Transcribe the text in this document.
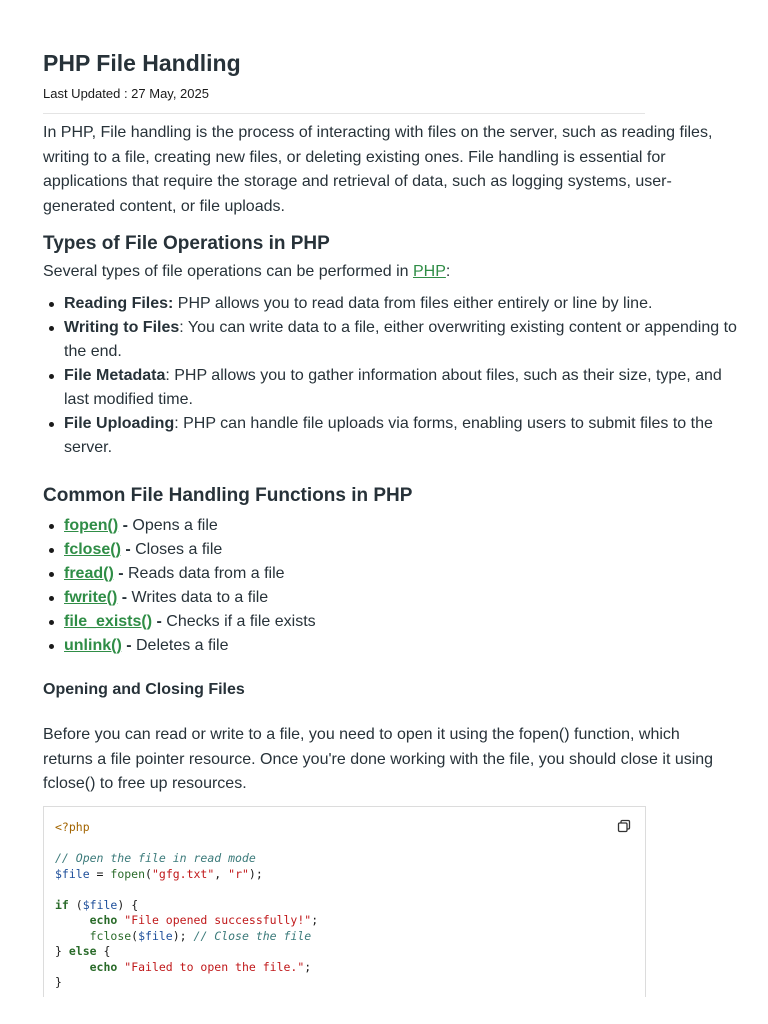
PHP File Handling
Last Updated : 27 May, 2025

In PHP, File handling is the process of interacting with files on the server, such as reading files, writing to a file, creating new files, or deleting existing ones. File handling is essential for applications that require the storage and retrieval of data, such as logging systems, user-generated content, or file uploads.

Types of File Operations in PHP

Several types of file operations can be performed in PHP:

Reading Files: PHP allows you to read data from files either entirely or line by line.
Writing to Files: You can write data to a file, either overwriting existing content or appending to the end.
File Metadata: PHP allows you to gather information about files, such as their size, type, and last modified time.
File Uploading: PHP can handle file uploads via forms, enabling users to submit files to the server.
Common File Handling Functions in PHP
fopen() - Opens a file
fclose() - Closes a file
fread() - Reads data from a file
fwrite() - Writes data to a file
file_exists() - Checks if a file exists
unlink() - Deletes a file
Opening and Closing Files

Before you can read or write to a file, you need to open it using the fopen() function, which returns a file pointer resource. Once you're done working with the file, you should close it using fclose() to free up resources.

<?php

// Open the file in read mode
$file = fopen("gfg.txt", "r");

if ($file) {
echo "File opened successfully!";
fclose($file); // Close the file
} else {
echo "Failed to open the file.";
}
